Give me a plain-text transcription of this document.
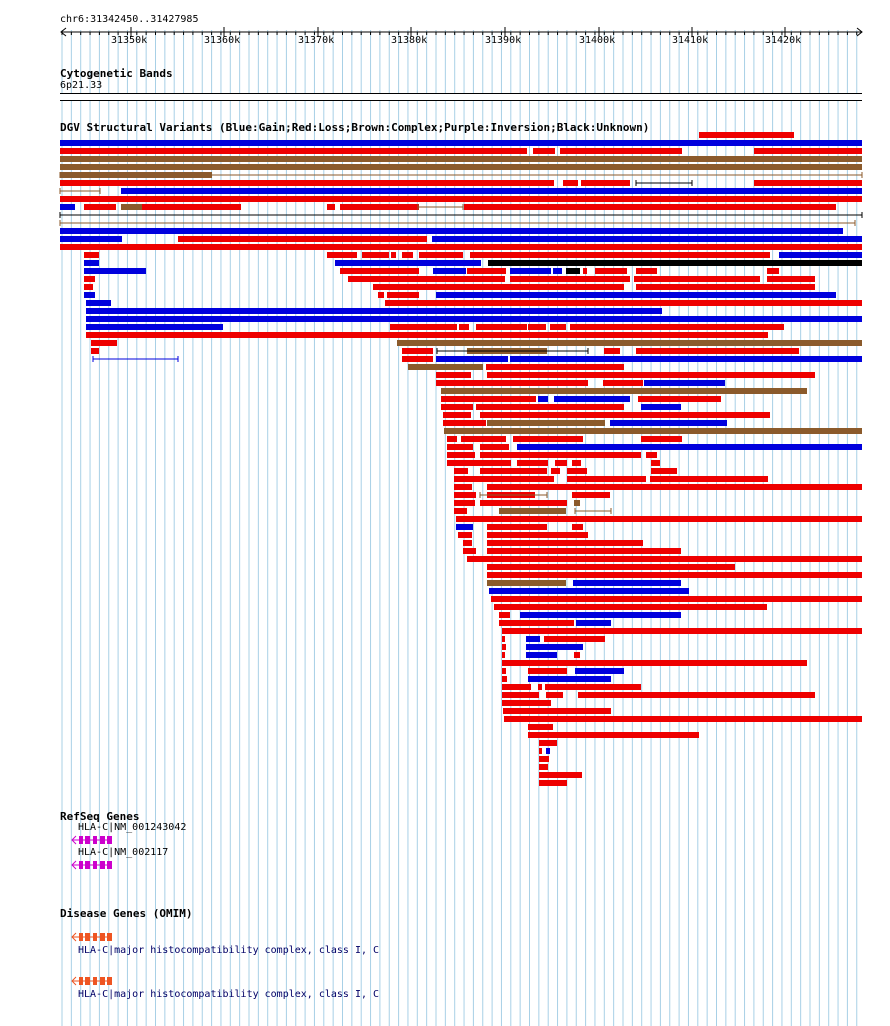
chr6:31342450..31427985
31350k	31360k	31370k	31380k	31390k	31400k	31410k	31420k
Cytogenetic Bands
6p21.33
DGV Structural Variants (Blue:Gain;Red:Loss;Brown:Complex;Purple:Inversion;Black:Unknown)
RefSeq Genes
HLA-C|NM_001243042
HLA-C|NM_002117
Disease Genes (OMIM)
HLA-C|major histocompatibility complex, class I, C
HLA-C|major histocompatibility complex, class I, C
